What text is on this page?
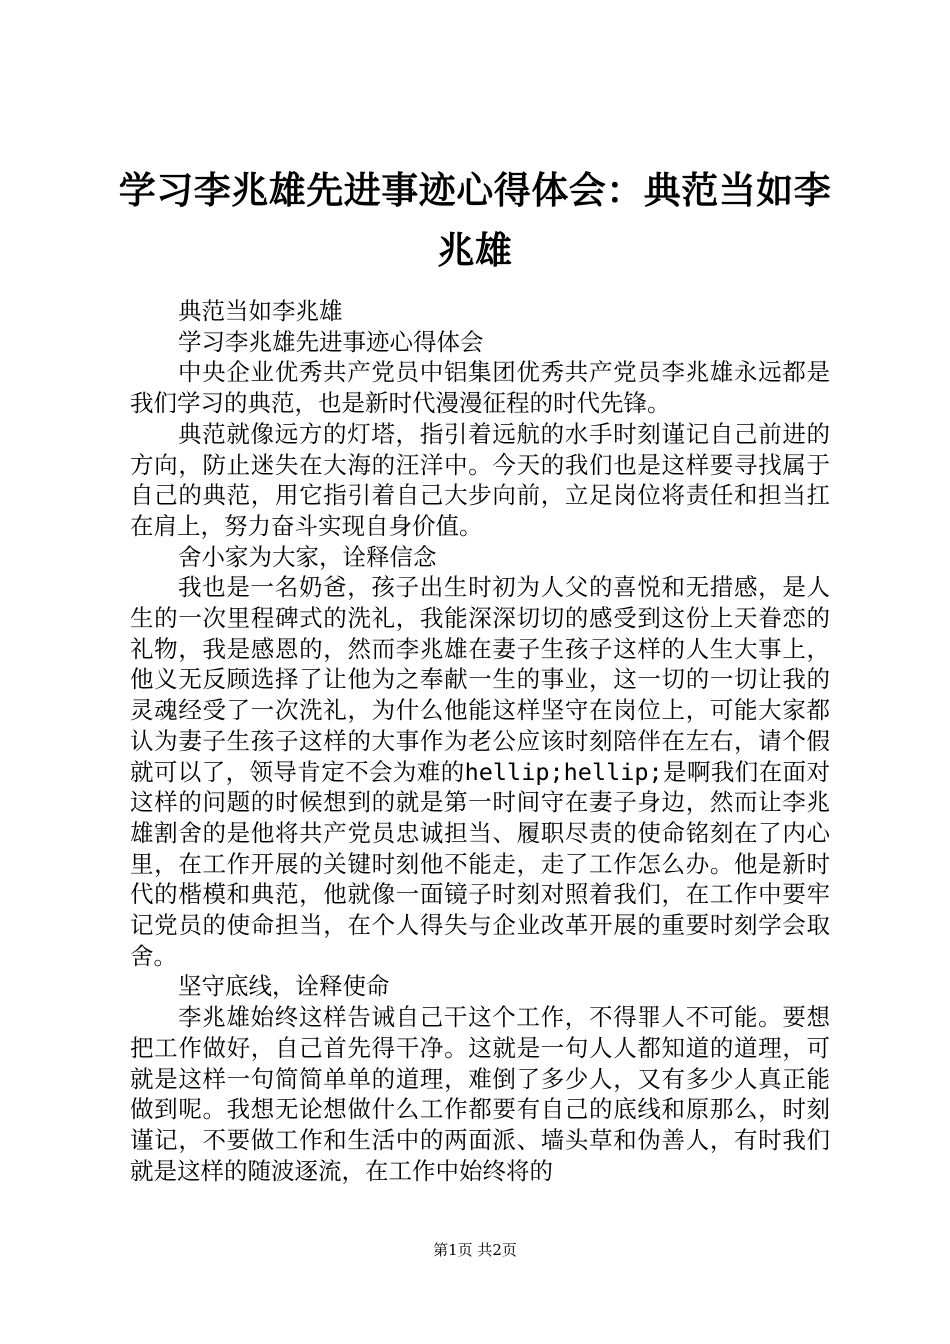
学习李兆雄先进事迹心得体会：典范当如李兆雄

典范当如李兆雄

学习李兆雄先进事迹心得体会

中央企业优秀共产党员中铝集团优秀共产党员李兆雄永远都是我们学习的典范，也是新时代漫漫征程的时代先锋。

典范就像远方的灯塔，指引着远航的水手时刻谨记自己前进的方向，防止迷失在大海的汪洋中。今天的我们也是这样要寻找属于自己的典范，用它指引着自己大步向前，立足岗位将责任和担当扛在肩上，努力奋斗实现自身价值。

舍小家为大家，诠释信念

我也是一名奶爸，孩子出生时初为人父的喜悦和无措感，是人生的一次里程碑式的洗礼，我能深深切切的感受到这份上天眷恋的礼物，我是感恩的，然而李兆雄在妻子生孩子这样的人生大事上，他义无反顾选择了让他为之奉献一生的事业，这一切的一切让我的灵魂经受了一次洗礼，为什么他能这样坚守在岗位上，可能大家都认为妻子生孩子这样的大事作为老公应该时刻陪伴在左右，请个假就可以了，领导肯定不会为难的hellip;hellip;是啊我们在面对这样的问题的时候想到的就是第一时间守在妻子身边，然而让李兆雄割舍的是他将共产党员忠诚担当、履职尽责的使命铭刻在了内心里，在工作开展的关键时刻他不能走，走了工作怎么办。他是新时代的楷模和典范，他就像一面镜子时刻对照着我们，在工作中要牢记党员的使命担当，在个人得失与企业改革开展的重要时刻学会取舍。

坚守底线，诠释使命

李兆雄始终这样告诫自己干这个工作，不得罪人不可能。要想把工作做好，自己首先得干净。这就是一句人人都知道的道理，可就是这样一句简简单单的道理，难倒了多少人，又有多少人真正能做到呢。我想无论想做什么工作都要有自己的底线和原那么，时刻谨记，不要做工作和生活中的两面派、墙头草和伪善人，有时我们就是这样的随波逐流，在工作中始终将的

第1页 共2页
